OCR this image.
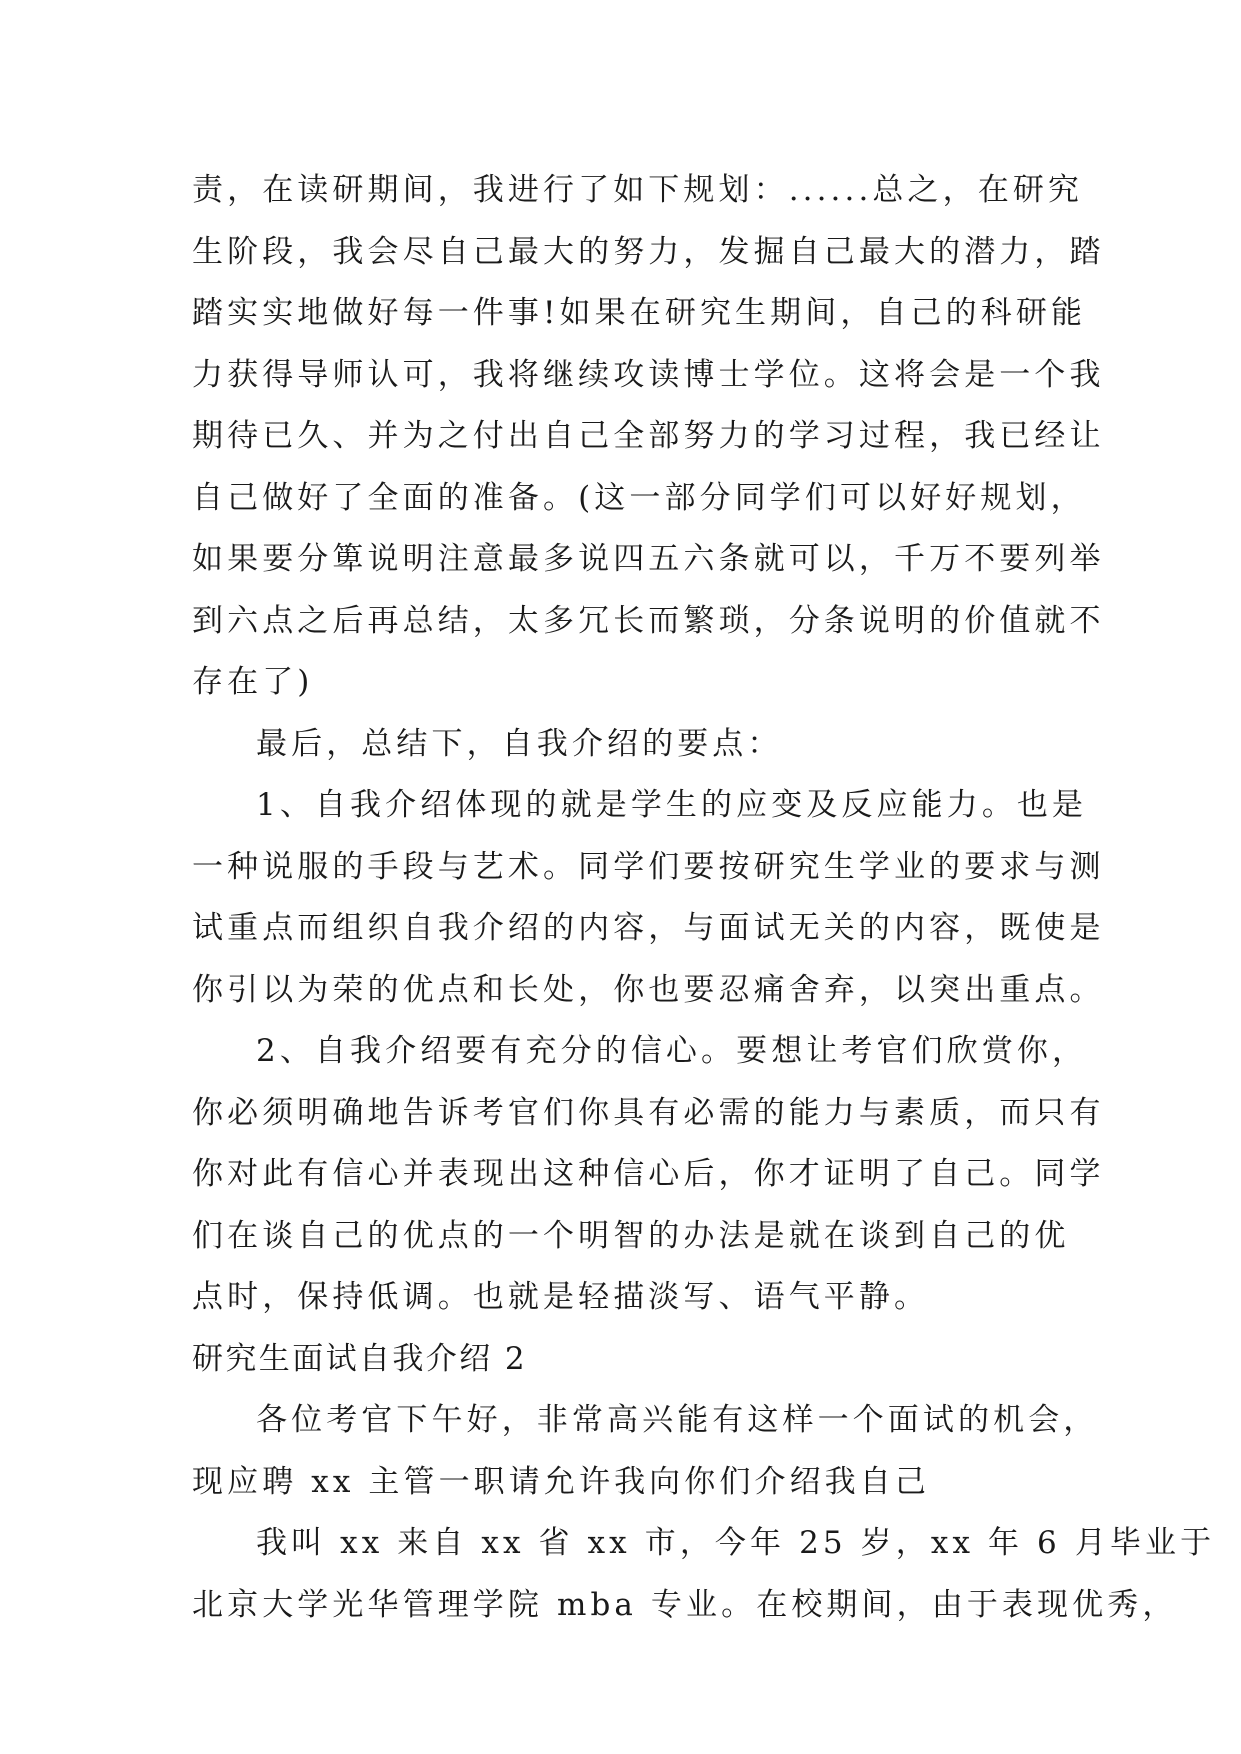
责，在读研期间，我进行了如下规划：......总之，在研究
生阶段，我会尽自己最大的努力，发掘自己最大的潜力，踏
踏实实地做好每一件事!如果在研究生期间，自己的科研能
力获得导师认可，我将继续攻读博士学位。这将会是一个我
期待已久、并为之付出自己全部努力的学习过程，我已经让
自己做好了全面的准备。(这一部分同学们可以好好规划，
如果要分箄说明注意最多说四五六条就可以，千万不要列举
到六点之后再总结，太多冗长而繁琐，分条说明的价值就不
存在了)
最后，总结下，自我介绍的要点：
1、自我介绍体现的就是学生的应变及反应能力。也是
一种说服的手段与艺术。同学们要按研究生学业的要求与测
试重点而组织自我介绍的内容，与面试无关的内容，既使是
你引以为荣的优点和长处，你也要忍痛舍弃，以突出重点。
2、自我介绍要有充分的信心。要想让考官们欣赏你，
你必须明确地告诉考官们你具有必需的能力与素质，而只有
你对此有信心并表现出这种信心后，你才证明了自己。同学
们在谈自己的优点的一个明智的办法是就在谈到自己的优
点时，保持低调。也就是轻描淡写、语气平静。
研究生面试自我介绍 2
各位考官下午好，非常高兴能有这样一个面试的机会，
现应聘 xx 主管一职请允许我向你们介绍我自己
我叫 xx 来自 xx 省 xx 市，今年 25 岁，xx 年 6 月毕业于
北京大学光华管理学院 mba 专业。在校期间，由于表现优秀，
